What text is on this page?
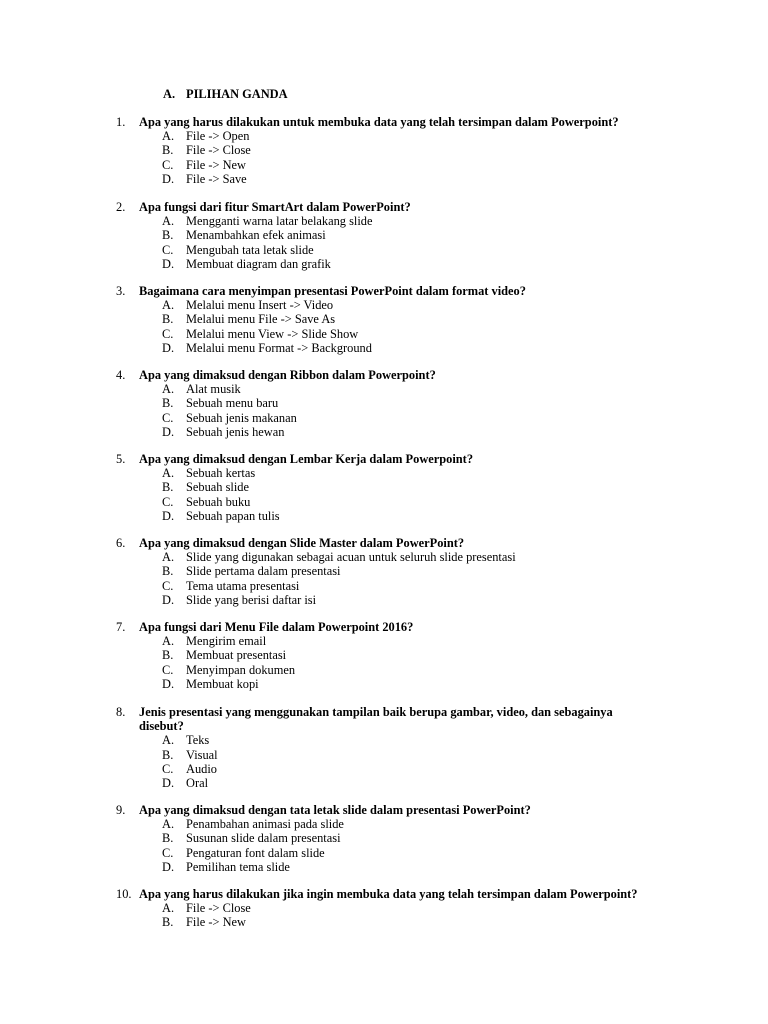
A. PILIHAN GANDA
1. Apa yang harus dilakukan untuk membuka data yang telah tersimpan dalam Powerpoint?
A. File -> Open
B. File -> Close
C. File -> New
D. File -> Save
2. Apa fungsi dari fitur SmartArt dalam PowerPoint?
A. Mengganti warna latar belakang slide
B. Menambahkan efek animasi
C. Mengubah tata letak slide
D. Membuat diagram dan grafik
3. Bagaimana cara menyimpan presentasi PowerPoint dalam format video?
A. Melalui menu Insert -> Video
B. Melalui menu File -> Save As
C. Melalui menu View -> Slide Show
D. Melalui menu Format -> Background
4. Apa yang dimaksud dengan Ribbon dalam Powerpoint?
A. Alat musik
B. Sebuah menu baru
C. Sebuah jenis makanan
D. Sebuah jenis hewan
5. Apa yang dimaksud dengan Lembar Kerja dalam Powerpoint?
A. Sebuah kertas
B. Sebuah slide
C. Sebuah buku
D. Sebuah papan tulis
6. Apa yang dimaksud dengan Slide Master dalam PowerPoint?
A. Slide yang digunakan sebagai acuan untuk seluruh slide presentasi
B. Slide pertama dalam presentasi
C. Tema utama presentasi
D. Slide yang berisi daftar isi
7. Apa fungsi dari Menu File dalam Powerpoint 2016?
A. Mengirim email
B. Membuat presentasi
C. Menyimpan dokumen
D. Membuat kopi
8. Jenis presentasi yang menggunakan tampilan baik berupa gambar, video, dan sebagainya disebut?
A. Teks
B. Visual
C. Audio
D. Oral
9. Apa yang dimaksud dengan tata letak slide dalam presentasi PowerPoint?
A. Penambahan animasi pada slide
B. Susunan slide dalam presentasi
C. Pengaturan font dalam slide
D. Pemilihan tema slide
10. Apa yang harus dilakukan jika ingin membuka data yang telah tersimpan dalam Powerpoint?
A. File -> Close
B. File -> New
